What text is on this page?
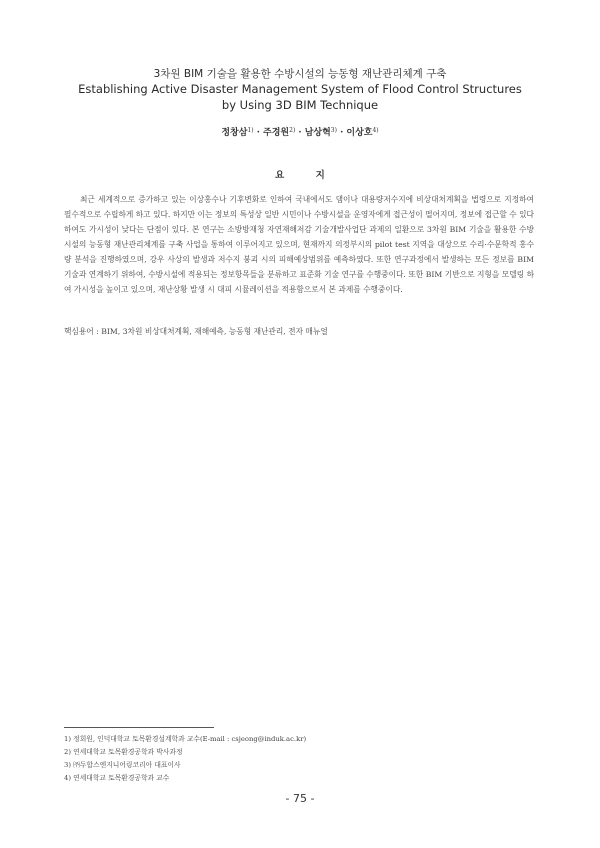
3차원 BIM 기술을 활용한 수방시설의 능동형 재난관리체계 구축
Establishing Active Disaster Management System of Flood Control Structures
by Using 3D BIM Technique
정창삼$^{1)}$ · 주경원$^{2)}$ · 남상혁$^{3)}$ · 이상호$^{4)}$
요 지
최근 세계적으로 증가하고 있는 이상홍수나 기후변화로 인하여 국내에서도 댐이나 대용량저수지에 비상대처계획을 법령으로 지정하여 필수적으로 수립하게 하고 있다. 하지만 이는 정보의 특성상 일반 시민이나 수방시설을 운영자에게 접근성이 떨어지며, 정보에 접근할 수 있다 하여도 가시성이 낮다는 단점이 있다. 본 연구는 소방방재청 자연재해저감 기술개발사업단 과제의 일환으로 3차원 BIM 기술을 활용한 수방시설의 능동형 재난관리체계를 구축 사업을 통하여 이루어지고 있으며, 현재까지 의정부시의 pilot test 지역을 대상으로 수리·수문학적 홍수량 분석을 진행하였으며, 강우 사상의 발생과 저수지 붕괴 시의 피해예상범위를 예측하였다. 또한 연구과정에서 발생하는 모든 정보를 BIM 기술과 연계하기 위하여, 수방시설에 적용되는 정보항목들을 분류하고 표준화 기술 연구를 수행중이다. 또한 BIM 기반으로 지형을 모델링 하여 가시성을 높이고 있으며, 재난상황 발생 시 대피 시뮬레이션을 적용함으로서 본 과제를 수행중이다.
핵심용어 : BIM, 3차원 비상대처계획, 재해예측, 능동형 재난관리, 전자 매뉴얼
1) 정회원, 인덕대학교 토목환경설계학과 교수(E-mail : csjeong@induk.ac.kr)
2) 연세대학교 토목환경공학과 박사과정
3) ㈜두합스엔지니어링코리아 대표이사
4) 연세대학교 토목환경공학과 교수
- 75 -
